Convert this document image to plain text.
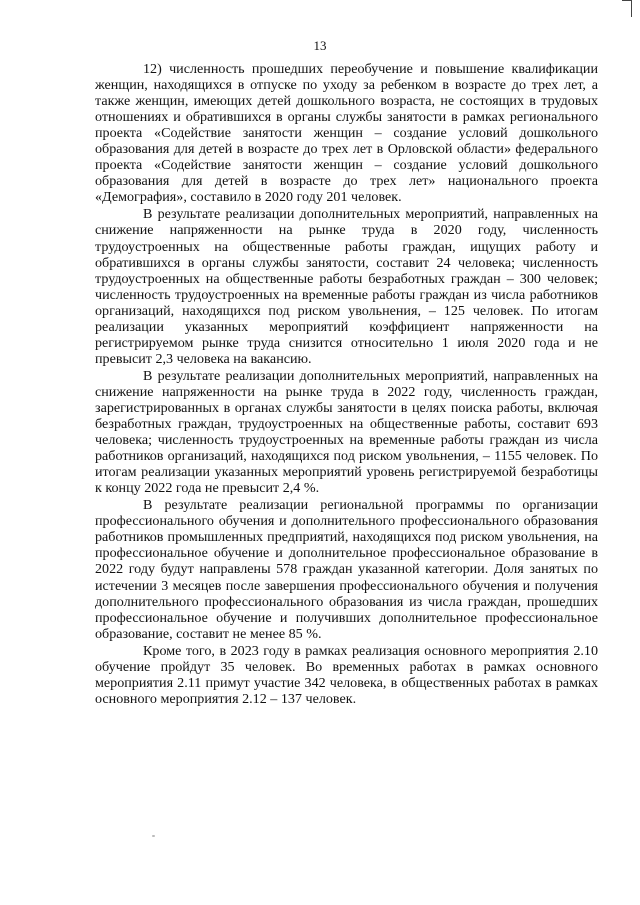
13

12) численность прошедших переобучение и повышение квалификации женщин, находящихся в отпуске по уходу за ребенком в возрасте до трех лет, а также женщин, имеющих детей дошкольного возраста, не состоящих в трудовых отношениях и обратившихся в органы службы занятости в рамках регионального проекта «Содействие занятости женщин – создание условий дошкольного образования для детей в возрасте до трех лет в Орловской области» федерального проекта «Содействие занятости женщин – создание условий дошкольного образования для детей в возрасте до трех лет» национального проекта «Демография», составило в 2020 году 201 человек.

В результате реализации дополнительных мероприятий, направленных на снижение напряженности на рынке труда в 2020 году, численность трудоустроенных на общественные работы граждан, ищущих работу и обратившихся в органы службы занятости, составит 24 человека; численность трудоустроенных на общественные работы безработных граждан – 300 человек; численность трудоустроенных на временные работы граждан из числа работников организаций, находящихся под риском увольнения, – 125 человек. По итогам реализации указанных мероприятий коэффициент напряженности на регистрируемом рынке труда снизится относительно 1 июля 2020 года и не превысит 2,3 человека на вакансию.

В результате реализации дополнительных мероприятий, направленных на снижение напряженности на рынке труда в 2022 году, численность граждан, зарегистрированных в органах службы занятости в целях поиска работы, включая безработных граждан, трудоустроенных на общественные работы, составит 693 человека; численность трудоустроенных на временные работы граждан из числа работников организаций, находящихся под риском увольнения, – 1155 человек. По итогам реализации указанных мероприятий уровень регистрируемой безработицы к концу 2022 года не превысит 2,4 %.

В результате реализации региональной программы по организации профессионального обучения и дополнительного профессионального образования работников промышленных предприятий, находящихся под риском увольнения, на профессиональное обучение и дополнительное профессиональное образование в 2022 году будут направлены 578 граждан указанной категории. Доля занятых по истечении 3 месяцев после завершения профессионального обучения и получения дополнительного профессионального образования из числа граждан, прошедших профессиональное обучение и получивших дополнительное профессиональное образование, составит не менее 85 %.

Кроме того, в 2023 году в рамках реализация основного мероприятия 2.10 обучение пройдут 35 человек. Во временных работах в рамках основного мероприятия 2.11 примут участие 342 человека, в общественных работах в рамках основного мероприятия 2.12 – 137 человек.
